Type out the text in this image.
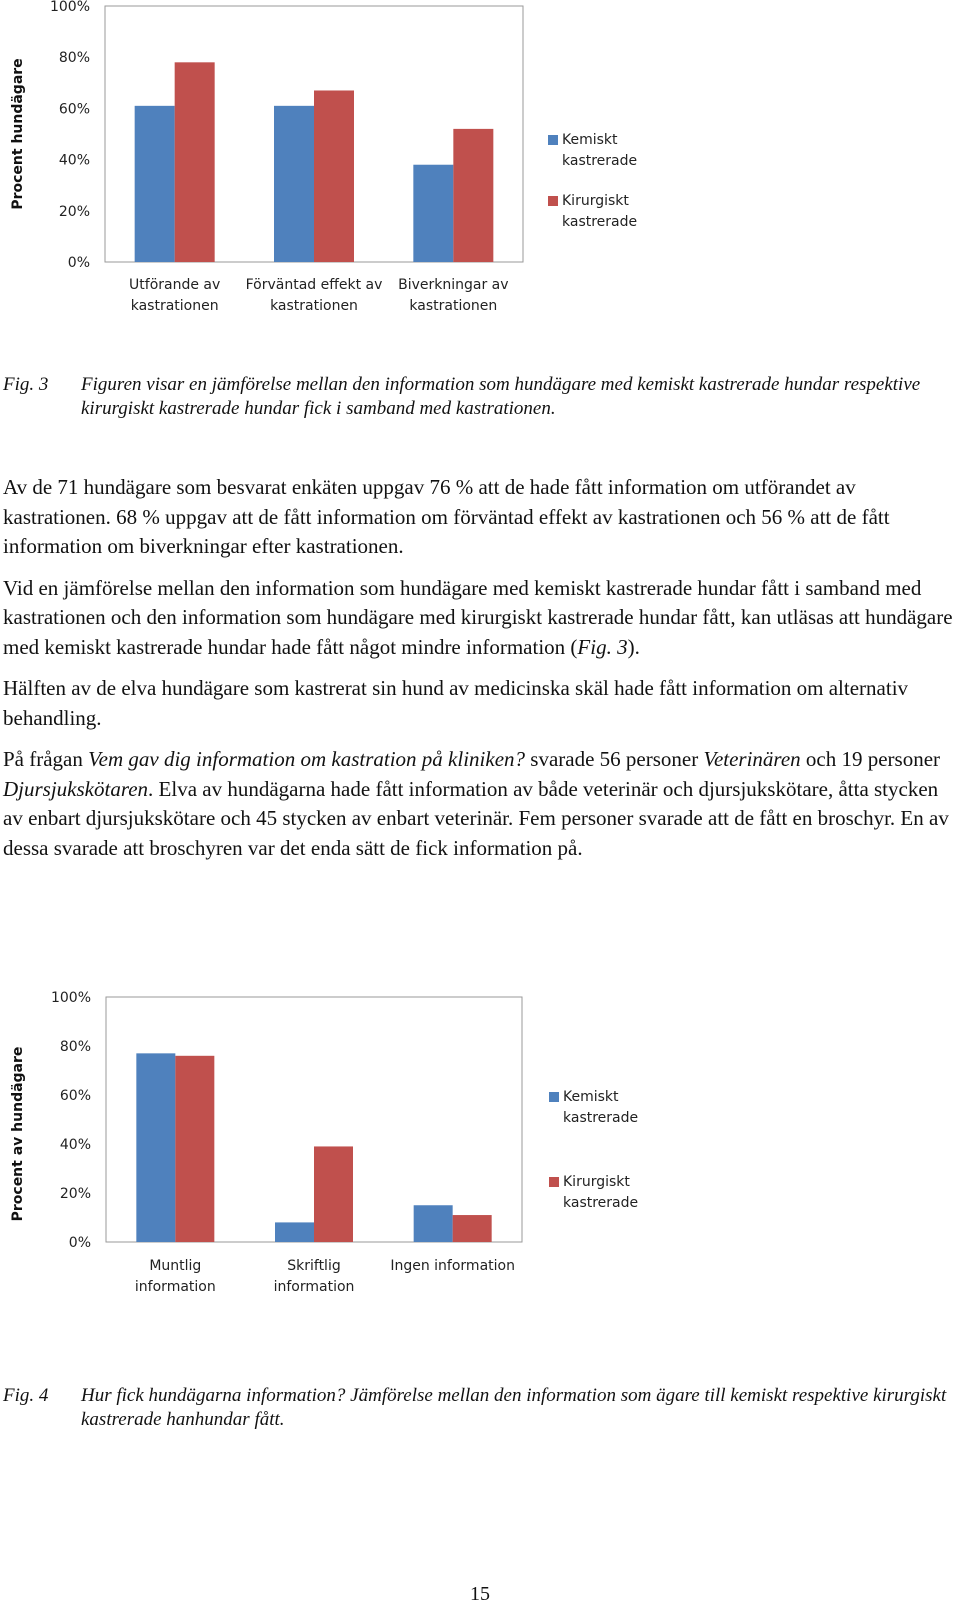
0%
20%
40%
60%
80%
100%
Procent hundägare
Utförande av kastrationen
Förväntad effekt av kastrationen
Biverkningar av kastrationen
Kemiskt kastrerade
Kirurgiskt kastrerade
Fig. 3 Figuren visar en jämförelse mellan den information som hundägare med kemiskt kastrerade hundar respektive kirurgiskt kastrerade hundar fick i samband med kastrationen.

Av de 71 hundägare som besvarat enkäten uppgav 76 % att de hade fått information om utförandet av kastrationen. 68 % uppgav att de fått information om förväntad effekt av kastrationen och 56 % att de fått information om biverkningar efter kastrationen.

Vid en jämförelse mellan den information som hundägare med kemiskt kastrerade hundar fått i samband med kastrationen och den information som hundägare med kirurgiskt kastrerade hundar fått, kan utläsas att hundägare med kemiskt kastrerade hundar hade fått något mindre information (Fig. 3).

Hälften av de elva hundägare som kastrerat sin hund av medicinska skäl hade fått information om alternativ behandling.

På frågan Vem gav dig information om kastration på kliniken? svarade 56 personer Veterinären och 19 personer Djursjukskötaren. Elva av hundägarna hade fått information av både veterinär och djursjukskötare, åtta stycken av enbart djursjukskötare och 45 stycken av enbart veterinär. Fem personer svarade att de fått en broschyr. En av dessa svarade att broschyren var det enda sätt de fick information på.

0%
20%
40%
60%
80%
100%
Procent av hundägare
Muntlig information
Skriftlig information
Ingen information
Kemiskt kastrerade
Kirurgiskt kastrerade
Fig. 4 Hur fick hundägarna information? Jämförelse mellan den information som ägare till kemiskt respektive kirurgiskt kastrerade hanhundar fått.
15
